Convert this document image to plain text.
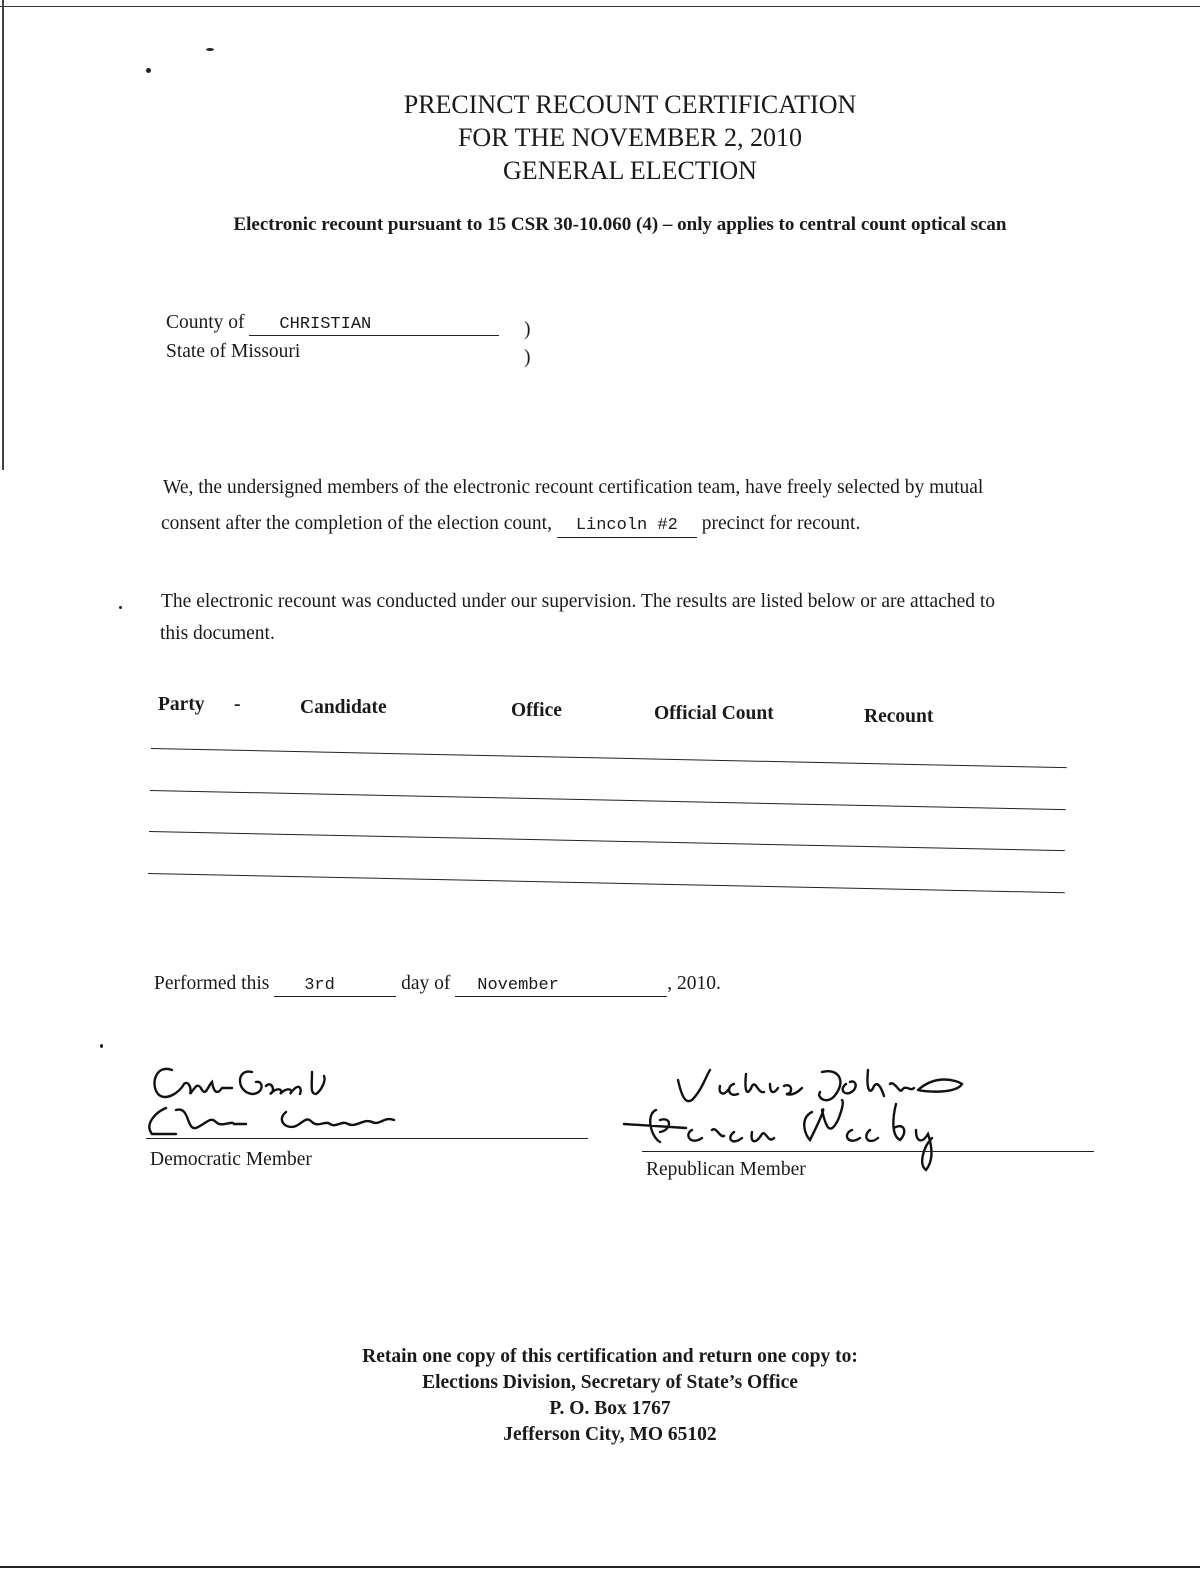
PRECINCT RECOUNT CERTIFICATION
FOR THE NOVEMBER 2, 2010
GENERAL ELECTION
Electronic recount pursuant to 15 CSR 30-10.060 (4) – only applies to central count optical scan
County of CHRISTIAN	)
State of Missouri	)
We, the undersigned members of the electronic recount certification team, have freely selected by mutual
consent after the completion of the election count, Lincoln #2 precinct for recount.
The electronic recount was conducted under our supervision. The results are listed below or are attached to
this document.
Party -	Candidate	Office	Official Count	Recount
Performed this 3rd	day of November	, 2010.
Democratic Member	Republican Member
Retain one copy of this certification and return one copy to:
Elections Division, Secretary of State’s Office
P. O. Box 1767
Jefferson City, MO 65102
